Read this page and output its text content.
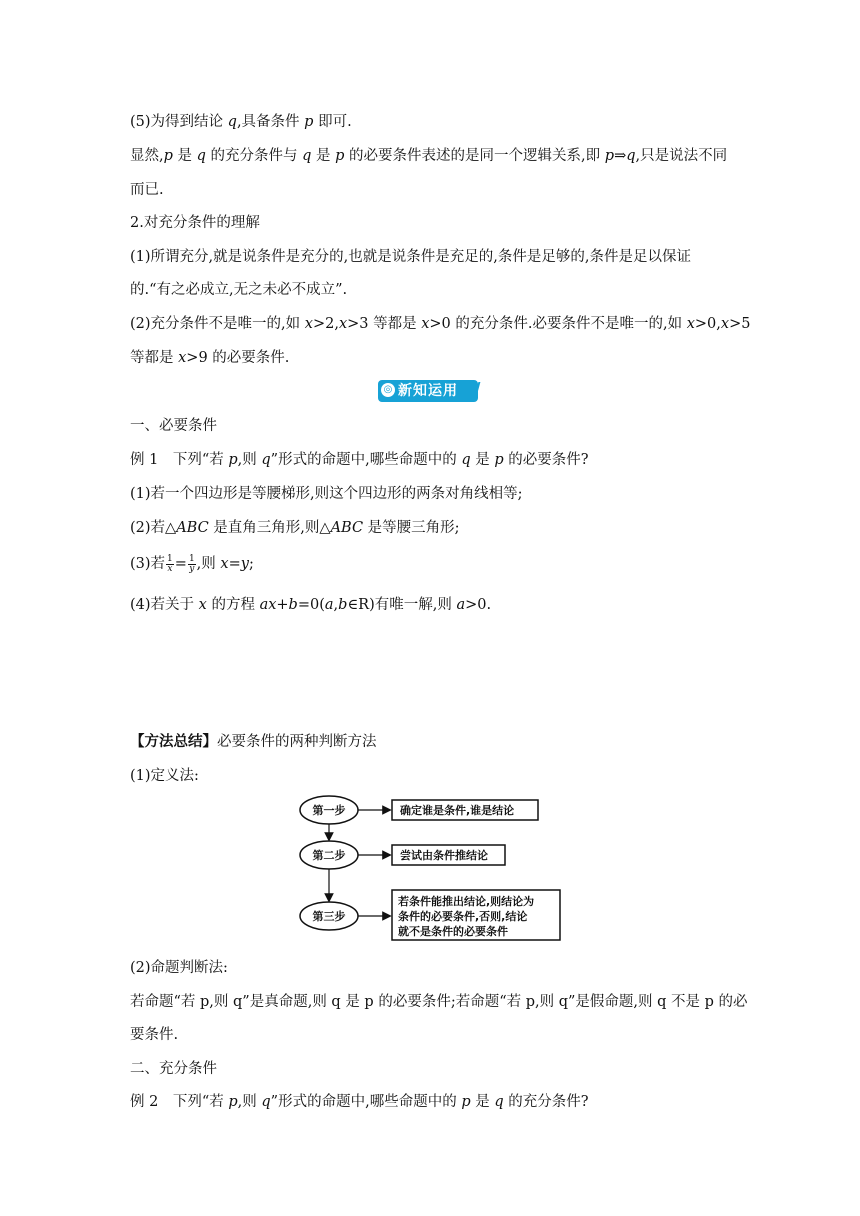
(5)为得到结论 q,具备条件 p 即可.
显然,p 是 q 的充分条件与 q 是 p 的必要条件表述的是同一个逻辑关系,即 p⇒q,只是说法不同
而已.
2.对充分条件的理解
(1)所谓充分,就是说条件是充分的,也就是说条件是充足的,条件是足够的,条件是足以保证
的.“有之必成立,无之未必不成立”.
(2)充分条件不是唯一的,如 x>2,x>3 等都是 x>0 的充分条件.必要条件不是唯一的,如 x>0,x>5
等都是 x>9 的必要条件.
◎ 新知运用
一、必要条件
例 1　下列“若 p,则 q”形式的命题中,哪些命题中的 q 是 p 的必要条件?
(1)若一个四边形是等腰梯形,则这个四边形的两条对角线相等;
(2)若△ABC 是直角三角形,则△ABC 是等腰三角形;
(3)若 $\frac{1}{x}= \frac{1}{y}$,则 x=y;
(4)若关于 x 的方程 ax+b=0(a,b∈R)有唯一解,则 a>0.
【方法总结】必要条件的两种判断方法
(1)定义法:
第一步
第二步
第三步
确定谁是条件,谁是结论
尝试由条件推结论
若条件能推出结论,则结论为
条件的必要条件,否则,结论
就不是条件的必要条件
(2)命题判断法:
若命题“若 p,则 q”是真命题,则 q 是 p 的必要条件;若命题“若 p,则 q”是假命题,则 q 不是 p 的必
要条件.
二、充分条件
例 2　下列“若 p,则 q”形式的命题中,哪些命题中的 p 是 q 的充分条件?
